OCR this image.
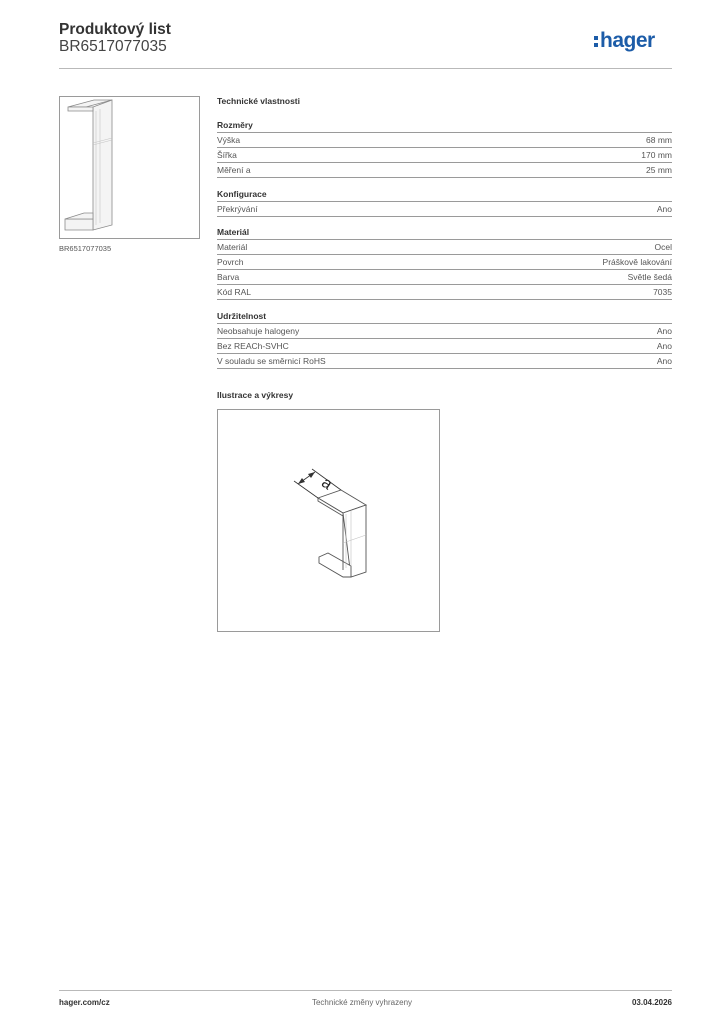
Produktový list
BR6517077035	hager
BR6517077035
Technické vlastnosti
Rozměry
Výška	68 mm
Šířka	170 mm
Měření a	25 mm
Konfigurace
Překrývání	Ano
Materiál
Materiál	Ocel
Povrch	Práškově lakování
Barva	Světle šedá
Kód RAL	7035
Udržitelnost
Neobsahuje halogeny	Ano
Bez REACh-SVHC	Ano
V souladu se směrnicí RoHS	Ano
Ilustrace a výkresy
a
hager.com/cz	Technické změny vyhrazeny	03.04.2026
